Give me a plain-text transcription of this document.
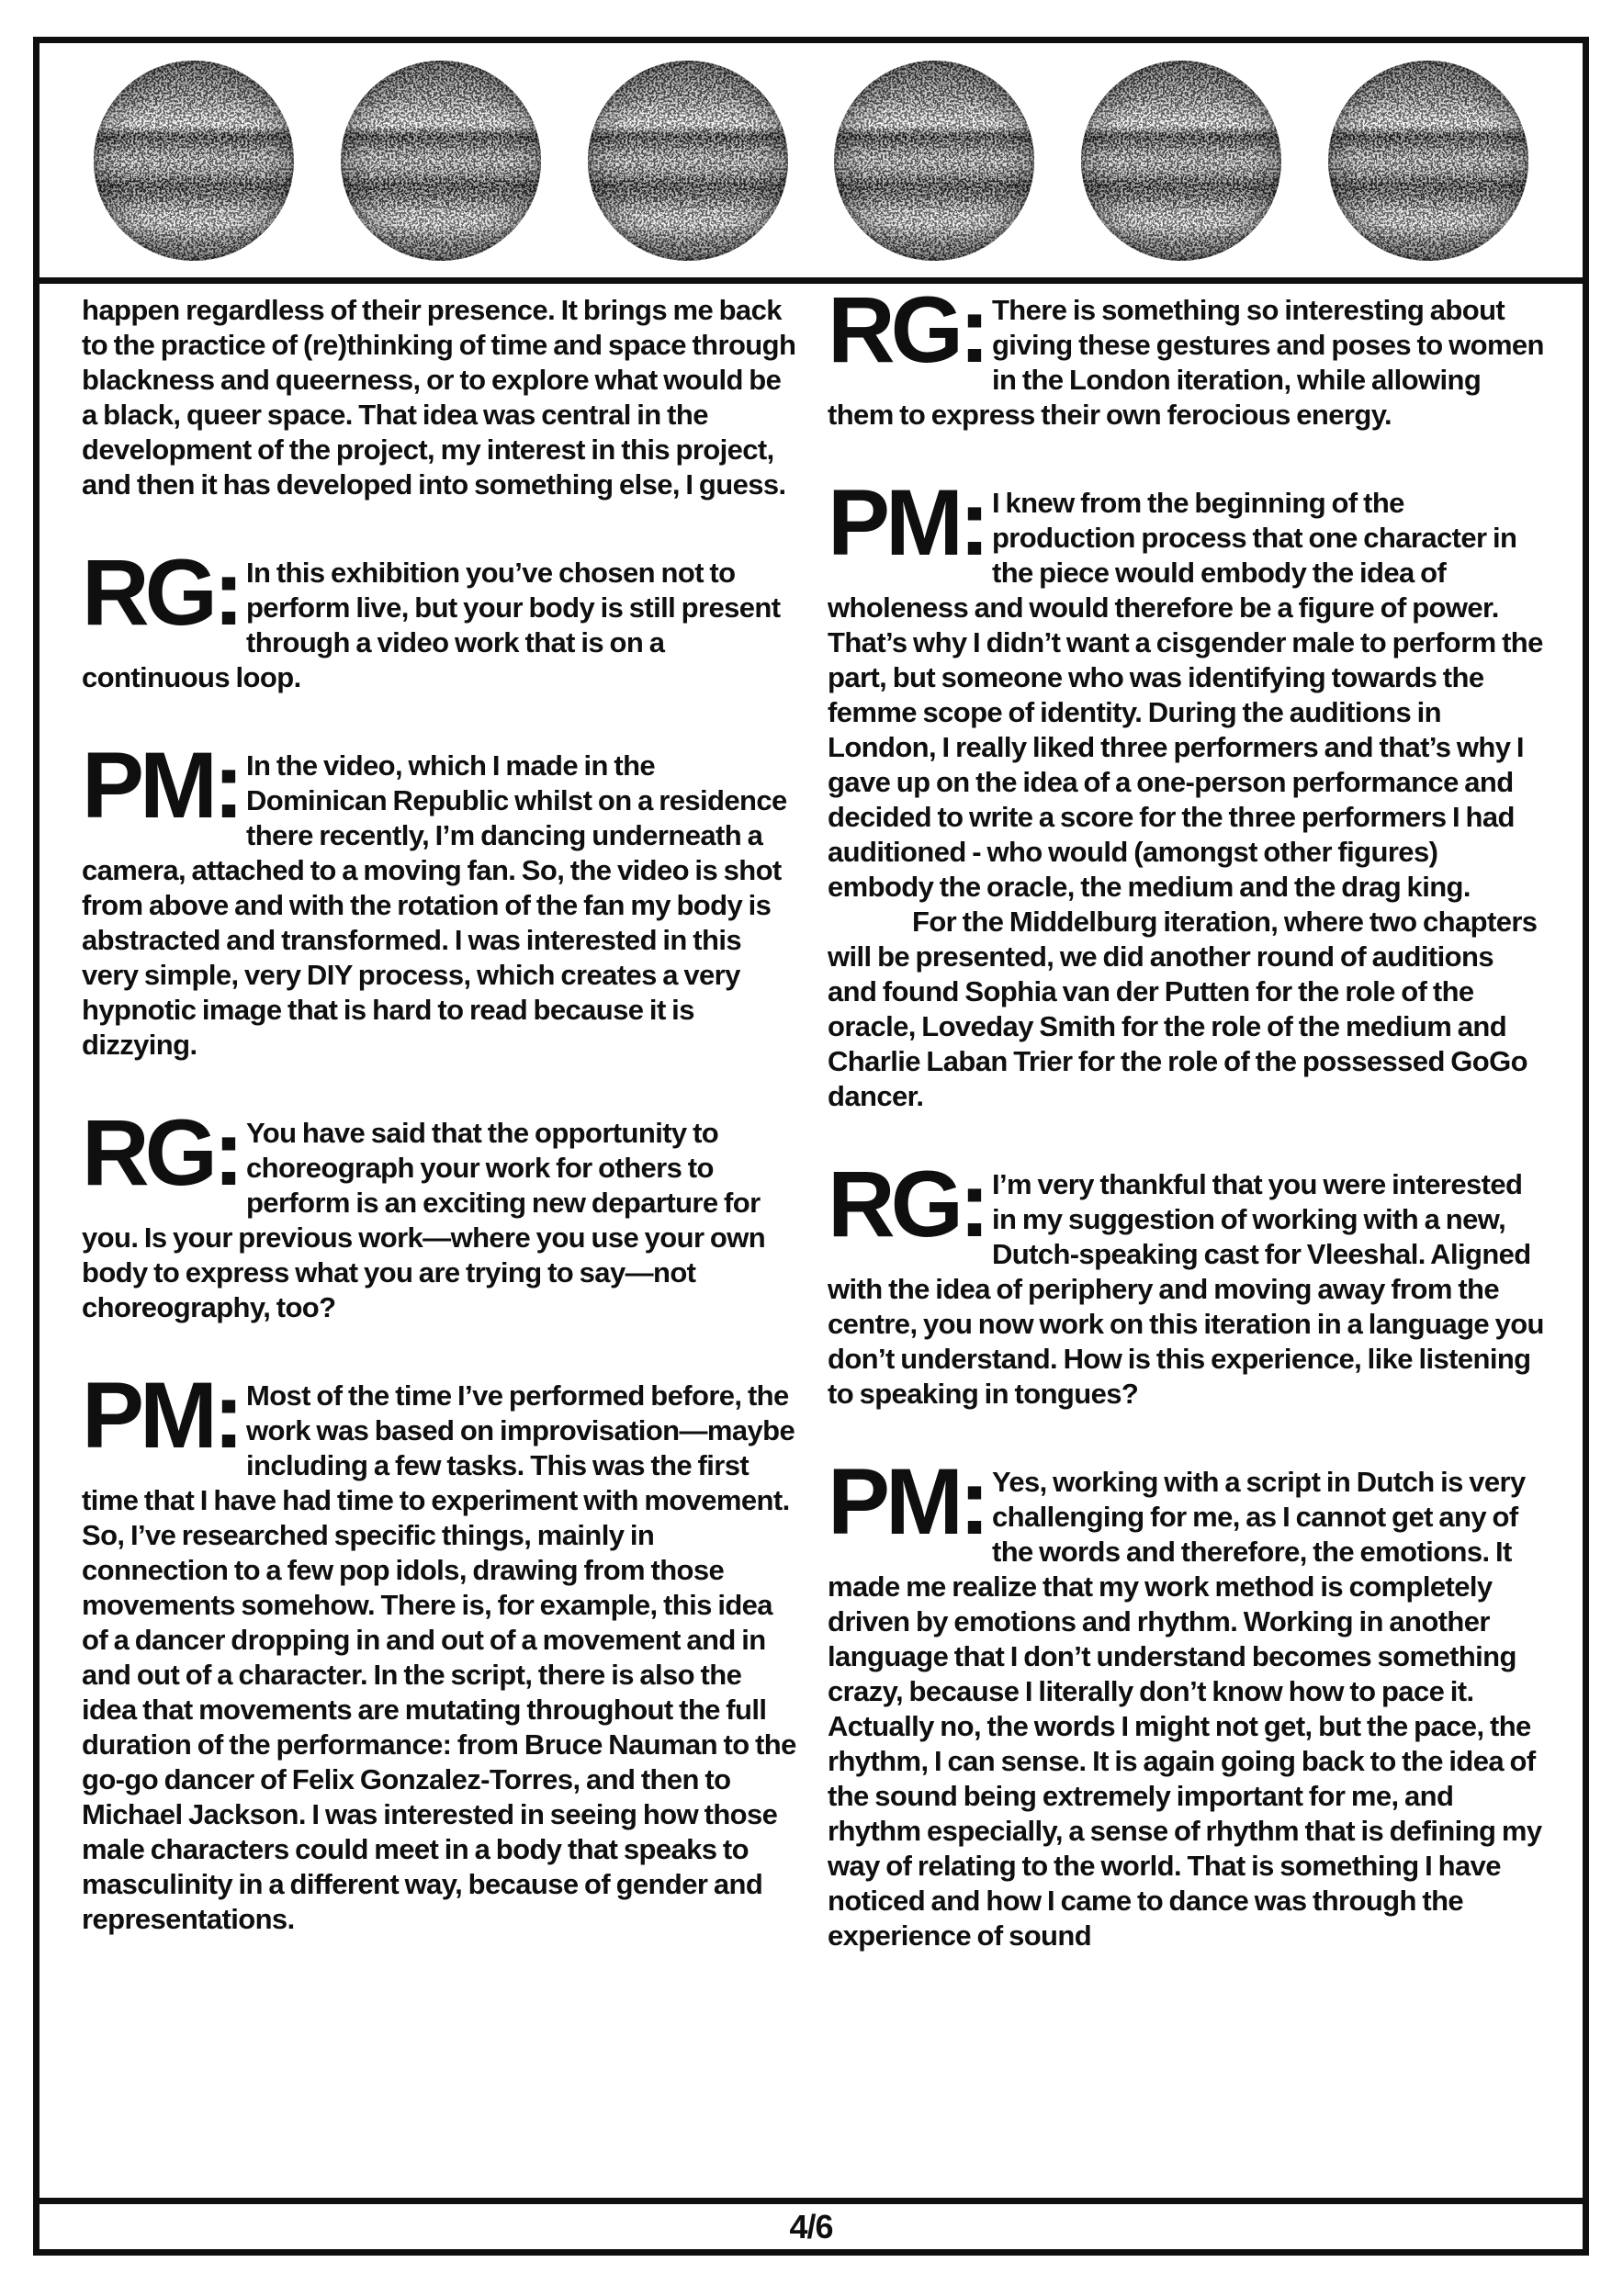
happen regardless of their presence. It brings me back to the practice of (re)thinking of time and space through blackness and queerness, or to explore what would be a black, queer space. That idea was central in the development of the project, my interest in this project, and then it has developed into something else, I guess.

RG: In this exhibition you’ve chosen not to perform live, but your body is still present through a video work that is on a continuous loop.

PM: In the video, which I made in the Dominican Republic whilst on a residence there recently, I’m dancing underneath a camera, attached to a moving fan. So, the video is shot from above and with the rotation of the fan my body is abstracted and transformed. I was interested in this very simple, very DIY process, which creates a very hypnotic image that is hard to read because it is dizzying.

RG: You have said that the opportunity to choreograph your work for others to perform is an exciting new departure for you. Is your previous work—where you use your own body to express what you are trying to say—not choreography, too?

PM: Most of the time I’ve performed before, the work was based on improvisation—maybe including a few tasks. This was the first time that I have had time to experiment with movement. So, I’ve researched specific things, mainly in connection to a few pop idols, drawing from those movements somehow. There is, for example, this idea of a dancer dropping in and out of a movement and in and out of a character. In the script, there is also the idea that movements are mutating throughout the full duration of the performance: from Bruce Nauman to the go-go dancer of Felix Gonzalez-Torres, and then to Michael Jackson. I was interested in seeing how those male characters could meet in a body that speaks to masculinity in a different way, because of gender and representations.

RG: There is something so interesting about giving these gestures and poses to women in the London iteration, while allowing them to express their own ferocious energy.

PM: I knew from the beginning of the production process that one character in the piece would embody the idea of wholeness and would therefore be a figure of power. That’s why I didn’t want a cisgender male to perform the part, but someone who was identifying towards the femme scope of identity. During the auditions in London, I really liked three performers and that’s why I gave up on the idea of a one-person performance and decided to write a score for the three performers I had auditioned - who would (amongst other figures) embody the oracle, the medium and the drag king.
For the Middelburg iteration, where two chapters will be presented, we did another round of auditions and found Sophia van der Putten for the role of the oracle, Loveday Smith for the role of the medium and Charlie Laban Trier for the role of the possessed GoGo dancer.

RG: I’m very thankful that you were interested in my suggestion of working with a new, Dutch-speaking cast for Vleeshal. Aligned with the idea of periphery and moving away from the centre, you now work on this iteration in a language you don’t understand. How is this experience, like listening to speaking in tongues?

PM: Yes, working with a script in Dutch is very challenging for me, as I cannot get any of the words and therefore, the emotions. It made me realize that my work method is completely driven by emotions and rhythm. Working in another language that I don’t understand becomes something crazy, because I literally don’t know how to pace it. Actually no, the words I might not get, but the pace, the rhythm, I can sense. It is again going back to the idea of the sound being extremely important for me, and rhythm especially, a sense of rhythm that is defining my way of relating to the world. That is something I have noticed and how I came to dance was through the experience of sound

4/6
